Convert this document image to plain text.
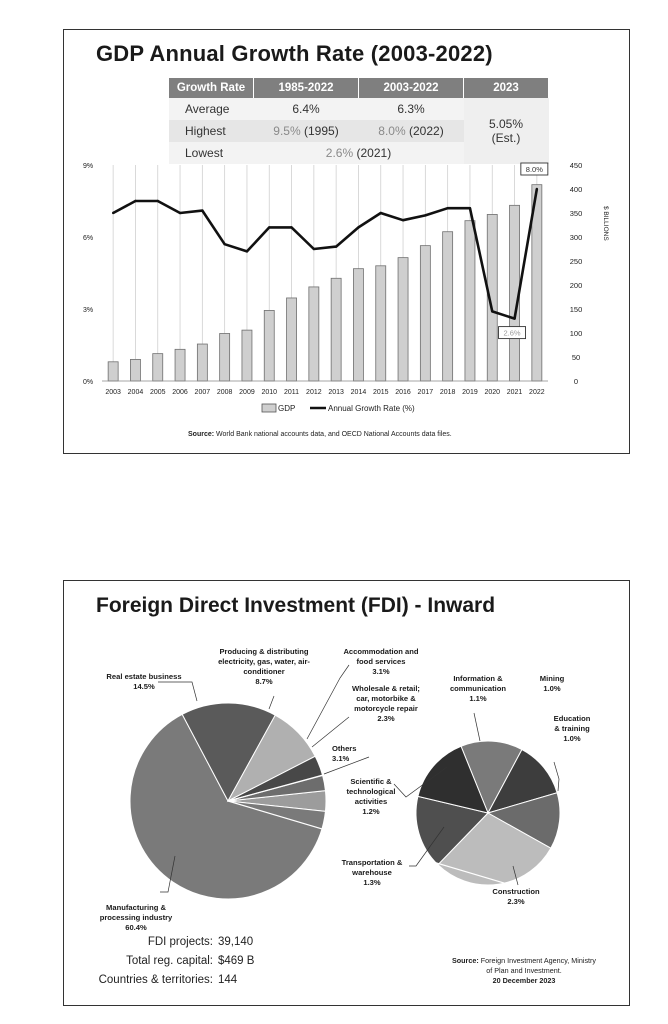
GDP Annual Growth Rate (2003-2022)
Growth Rate	1985-2022	2003-2022	2023
Average	6.4%	6.3%	5.05%
(Est.)

Highest	9.5% (1995)	8.0% (2022)	
Lowest	2.6% (2021)		
2003 2004 2005 2006 2007 2008 2009 2010 2011 2012 2013 2014 2015 2016 2017 2018 2019 2020 2021 2022
0%
3%
6%
9%
0
50
100
150
200
250
300
350
400
450
8.0%
2.6%
GDP	Annual Growth Rate (%)
$ BILLIONS
Source: World Bank national accounts data, and OECD National Accounts data files.
Foreign Direct Investment (FDI) - Inward
Real estate business
14.5%
Producing & distributing
electricity, gas, water, air-
conditioner
8.7%
Accommodation and
food services
3.1%
Wholesale & retail;
car, motorbike &
motorcycle repair
2.3%
Others
3.1%
Scientific &
technological
activities
1.2%
Transportation &
warehouse
1.3%
Information &
communication
1.1%
Mining
1.0%
Education
& training
1.0%
Construction
2.3%
Manufacturing &
processing industry
60.4%
FDI projects: 39,140
Total reg. capital: $469 B
Countries & territories: 144
Source: Foreign Investment Agency, Ministry
of Plan and Investment.
20 December 2023
